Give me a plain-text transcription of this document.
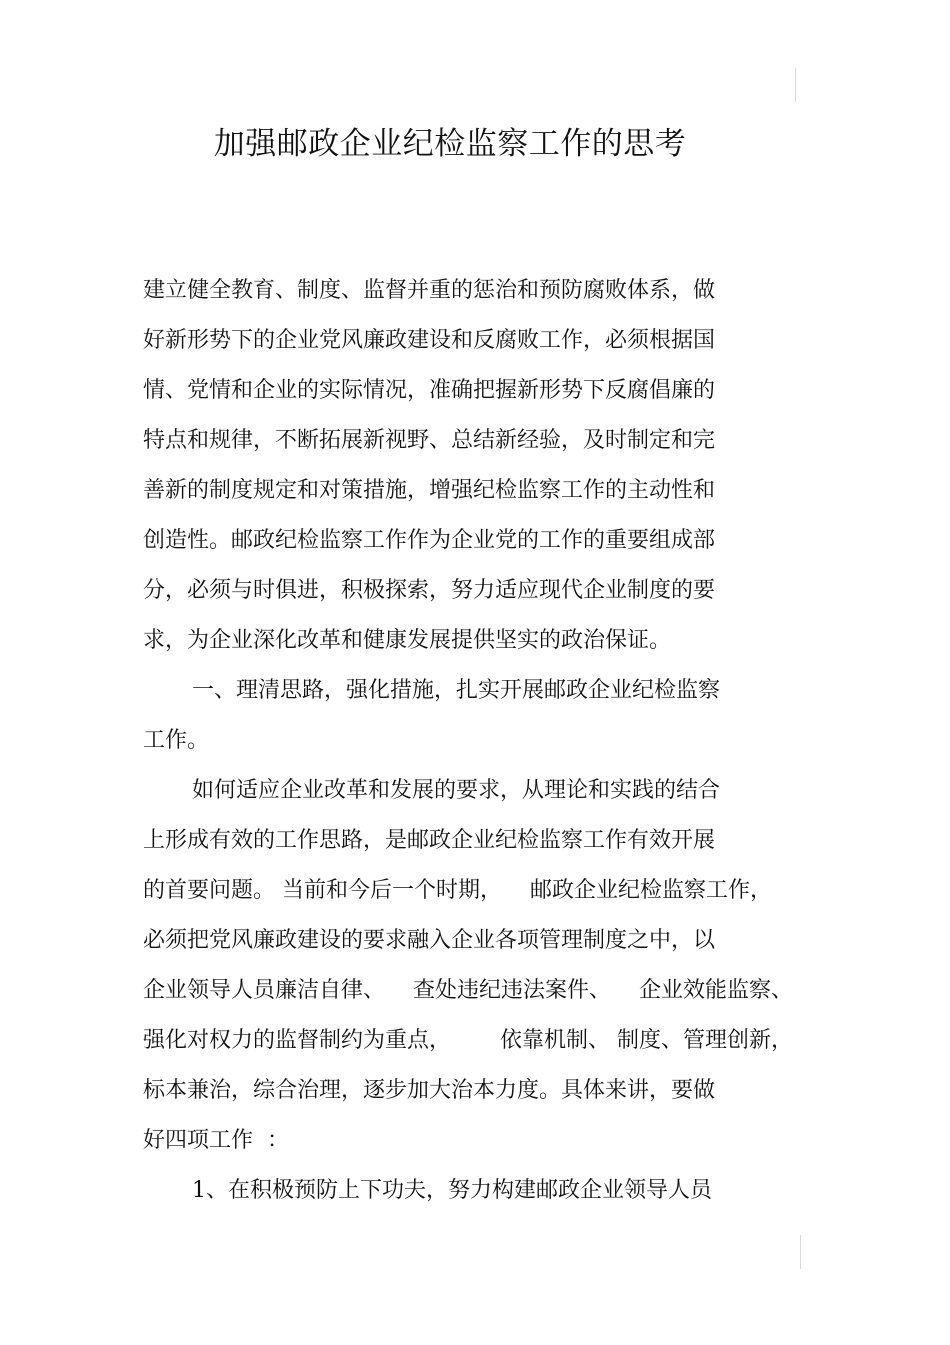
加强邮政企业纪检监察工作的思考
建立健全教育、制度、监督并重的惩治和预防腐败体系，做
好新形势下的企业党风廉政建设和反腐败工作，必须根据国
情、党情和企业的实际情况，准确把握新形势下反腐倡廉的
特点和规律，不断拓展新视野、总结新经验，及时制定和完
善新的制度规定和对策措施，增强纪检监察工作的主动性和
创造性。邮政纪检监察工作作为企业党的工作的重要组成部
分，必须与时俱进，积极探索，努力适应现代企业制度的要
求，为企业深化改革和健康发展提供坚实的政治保证。
一、理清思路，强化措施，扎实开展邮政企业纪检监察
工作。
如何适应企业改革和发展的要求，从理论和实践的结合
上形成有效的工作思路，是邮政企业纪检监察工作有效开展
的首要问题。 当前和今后一个时期，    邮政企业纪检监察工作，
必须把党风廉政建设的要求融入企业各项管理制度之中，以
企业领导人员廉洁自律、    查处违纪违法案件、    企业效能监察、
强化对权力的监督制约为重点，       依靠机制、 制度、管理创新，
标本兼治，综合治理，逐步加大治本力度。具体来讲，要做
好四项工作  ：
1、在积极预防上下功夫，努力构建邮政企业领导人员
